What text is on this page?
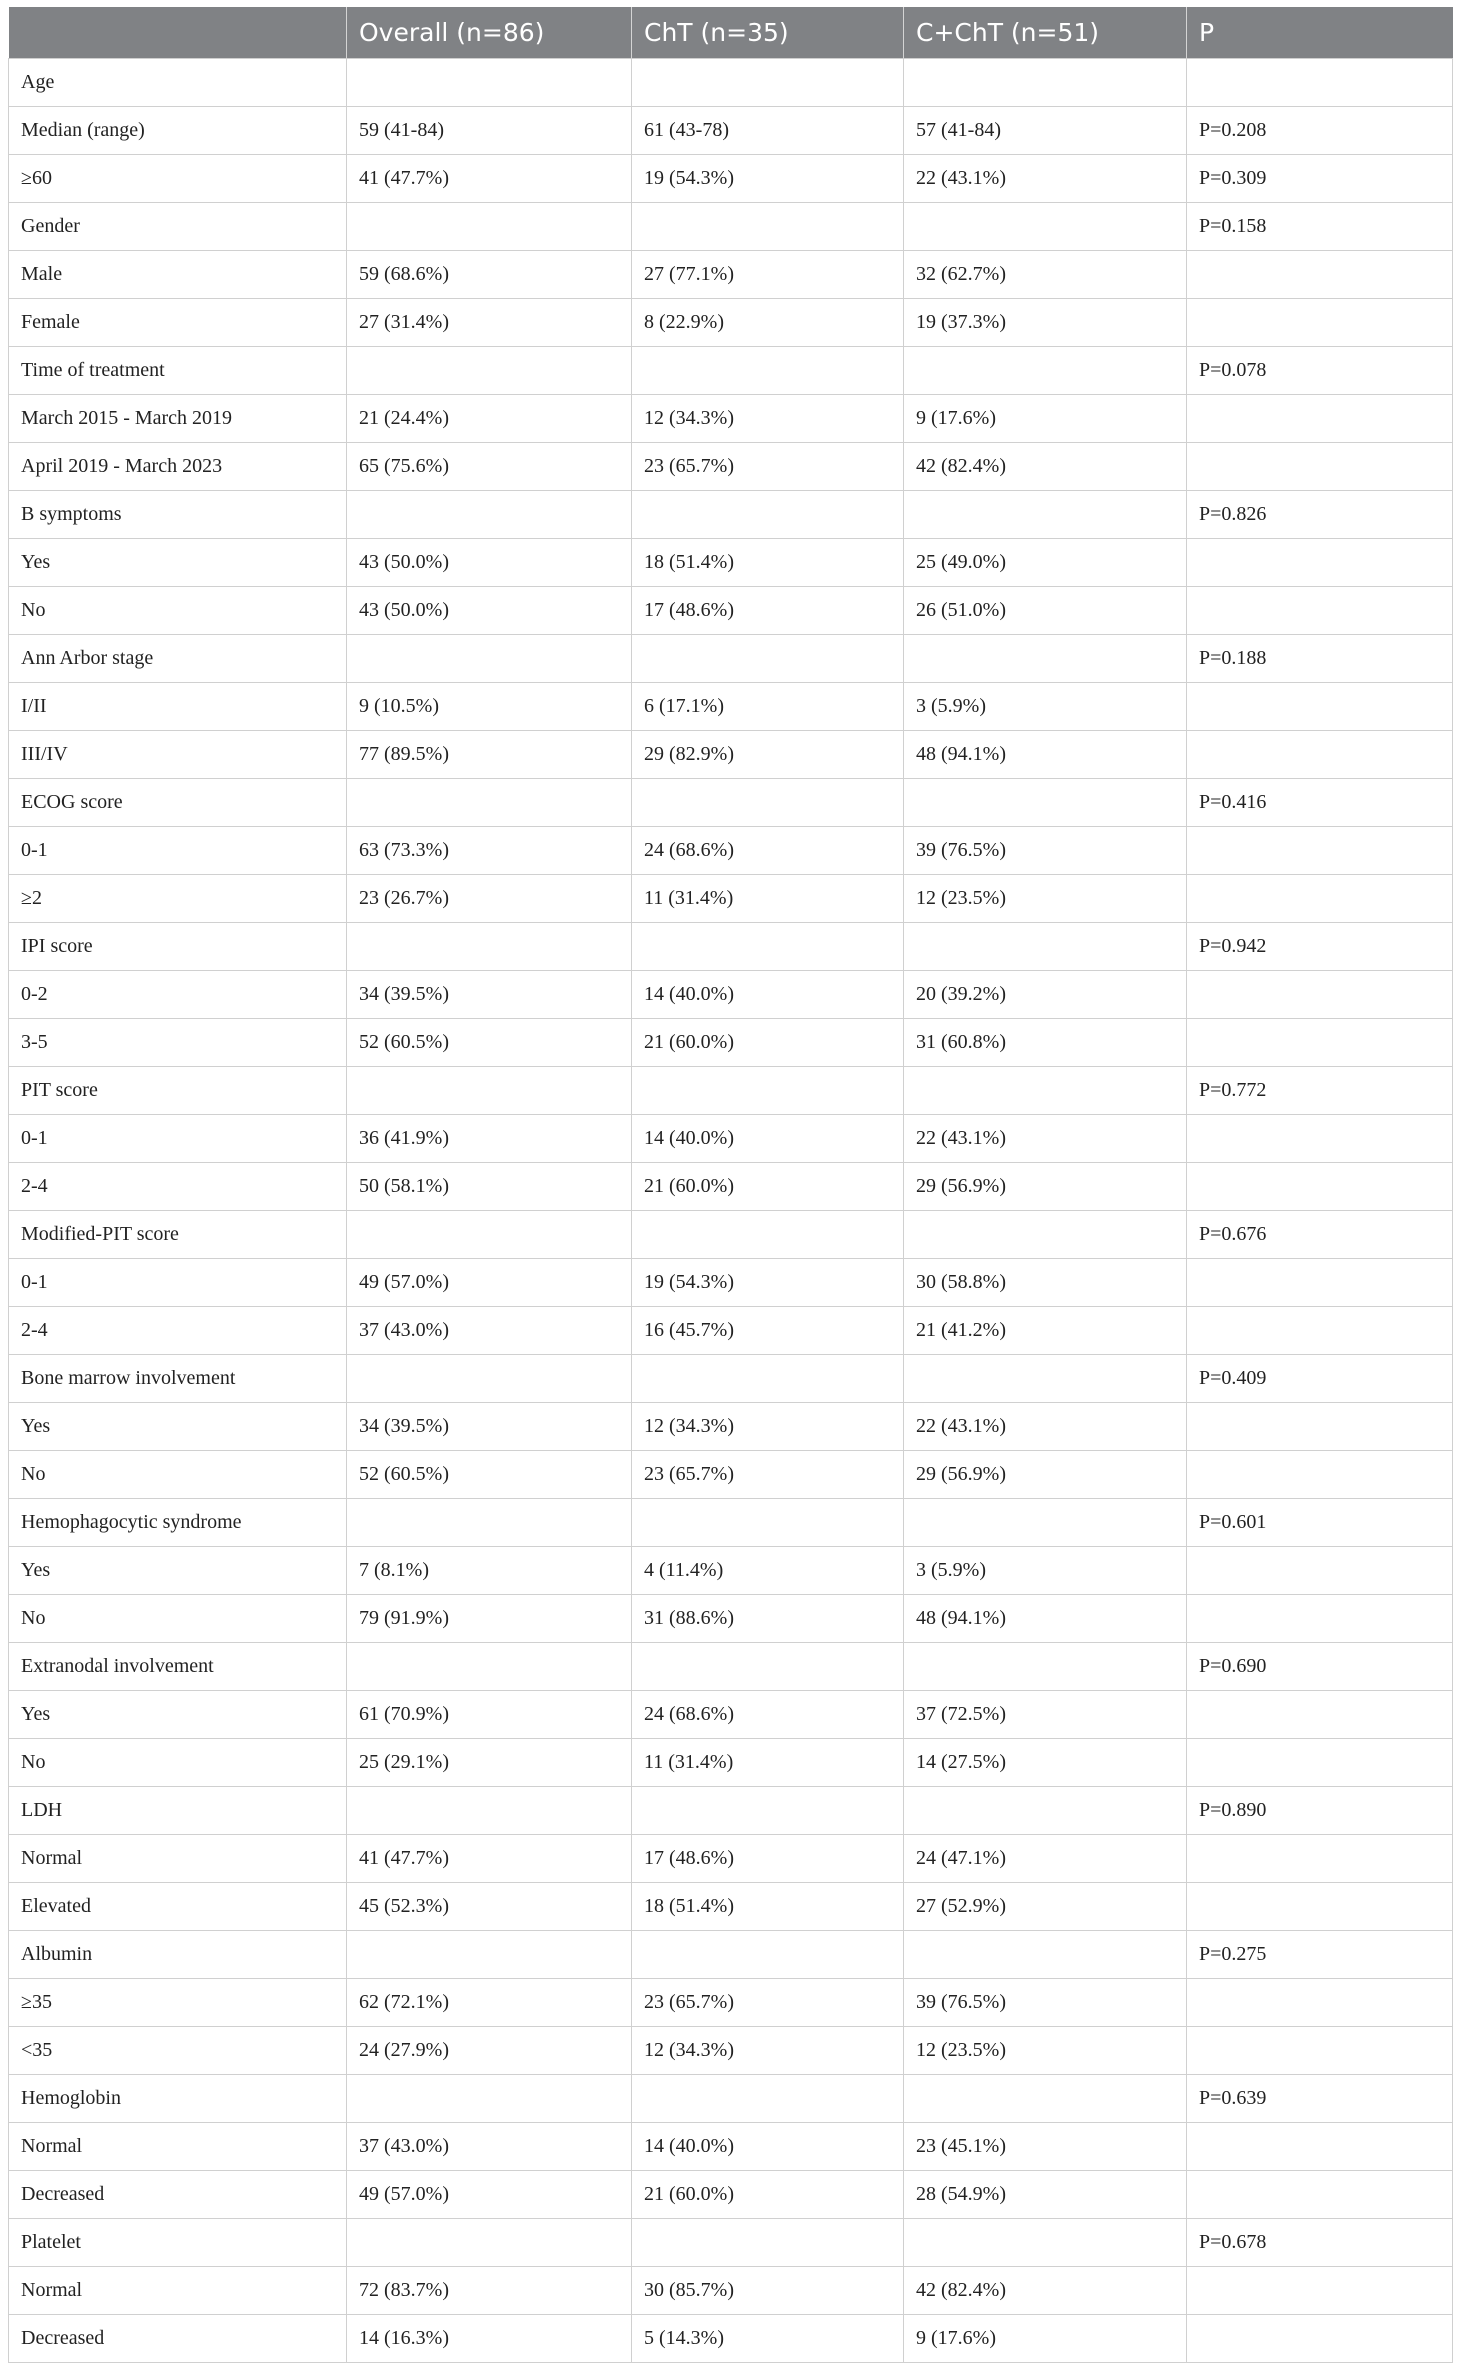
	Overall (n=86)	ChT (n=35)	C+ChT (n=51)	P
Age				
Median (range)	59 (41-84)	61 (43-78)	57 (41-84)	P=0.208
≥60	41 (47.7%)	19 (54.3%)	22 (43.1%)	P=0.309
Gender				P=0.158
Male	59 (68.6%)	27 (77.1%)	32 (62.7%)	
Female	27 (31.4%)	8 (22.9%)	19 (37.3%)	
Time of treatment				P=0.078
March 2015 - March 2019	21 (24.4%)	12 (34.3%)	9 (17.6%)	
April 2019 - March 2023	65 (75.6%)	23 (65.7%)	42 (82.4%)	
B symptoms				P=0.826
Yes	43 (50.0%)	18 (51.4%)	25 (49.0%)	
No	43 (50.0%)	17 (48.6%)	26 (51.0%)	
Ann Arbor stage				P=0.188
I/II	9 (10.5%)	6 (17.1%)	3 (5.9%)	
III/IV	77 (89.5%)	29 (82.9%)	48 (94.1%)	
ECOG score				P=0.416
0-1	63 (73.3%)	24 (68.6%)	39 (76.5%)	
≥2	23 (26.7%)	11 (31.4%)	12 (23.5%)	
IPI score				P=0.942
0-2	34 (39.5%)	14 (40.0%)	20 (39.2%)	
3-5	52 (60.5%)	21 (60.0%)	31 (60.8%)	
PIT score				P=0.772
0-1	36 (41.9%)	14 (40.0%)	22 (43.1%)	
2-4	50 (58.1%)	21 (60.0%)	29 (56.9%)	
Modified-PIT score				P=0.676
0-1	49 (57.0%)	19 (54.3%)	30 (58.8%)	
2-4	37 (43.0%)	16 (45.7%)	21 (41.2%)	
Bone marrow involvement				P=0.409
Yes	34 (39.5%)	12 (34.3%)	22 (43.1%)	
No	52 (60.5%)	23 (65.7%)	29 (56.9%)	
Hemophagocytic syndrome				P=0.601
Yes	7 (8.1%)	4 (11.4%)	3 (5.9%)	
No	79 (91.9%)	31 (88.6%)	48 (94.1%)	
Extranodal involvement				P=0.690
Yes	61 (70.9%)	24 (68.6%)	37 (72.5%)	
No	25 (29.1%)	11 (31.4%)	14 (27.5%)	
LDH				P=0.890
Normal	41 (47.7%)	17 (48.6%)	24 (47.1%)	
Elevated	45 (52.3%)	18 (51.4%)	27 (52.9%)	
Albumin				P=0.275
≥35	62 (72.1%)	23 (65.7%)	39 (76.5%)	
<35	24 (27.9%)	12 (34.3%)	12 (23.5%)	
Hemoglobin				P=0.639
Normal	37 (43.0%)	14 (40.0%)	23 (45.1%)	
Decreased	49 (57.0%)	21 (60.0%)	28 (54.9%)	
Platelet				P=0.678
Normal	72 (83.7%)	30 (85.7%)	42 (82.4%)	
Decreased	14 (16.3%)	5 (14.3%)	9 (17.6%)	
